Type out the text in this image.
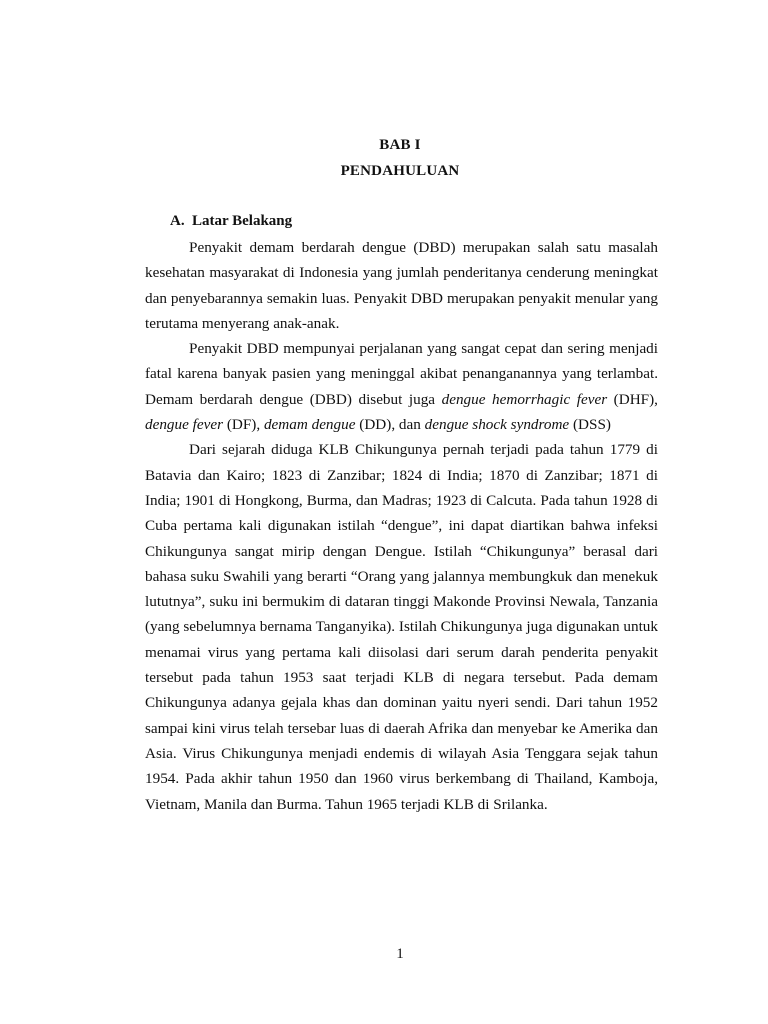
BAB I
PENDAHULUAN
A. Latar Belakang

Penyakit demam berdarah dengue (DBD) merupakan salah satu masalah kesehatan masyarakat di Indonesia yang jumlah penderitanya cenderung meningkat dan penyebarannya semakin luas. Penyakit DBD merupakan penyakit menular yang terutama menyerang anak-anak.

Penyakit DBD mempunyai perjalanan yang sangat cepat dan sering menjadi fatal karena banyak pasien yang meninggal akibat penanganannya yang terlambat. Demam berdarah dengue (DBD) disebut juga dengue hemorrhagic fever (DHF), dengue fever (DF), demam dengue (DD), dan dengue shock syndrome (DSS)

Dari sejarah diduga KLB Chikungunya pernah terjadi pada tahun 1779 di Batavia dan Kairo; 1823 di Zanzibar; 1824 di India; 1870 di Zanzibar; 1871 di India; 1901 di Hongkong, Burma, dan Madras; 1923 di Calcuta. Pada tahun 1928 di Cuba pertama kali digunakan istilah “dengue”, ini dapat diartikan bahwa infeksi Chikungunya sangat mirip dengan Dengue. Istilah “Chikungunya” berasal dari bahasa suku Swahili yang berarti “Orang yang jalannya membungkuk dan menekuk lututnya”, suku ini bermukim di dataran tinggi Makonde Provinsi Newala, Tanzania (yang sebelumnya bernama Tanganyika). Istilah Chikungunya juga digunakan untuk menamai virus yang pertama kali diisolasi dari serum darah penderita penyakit tersebut pada tahun 1953 saat terjadi KLB di negara tersebut. Pada demam Chikungunya adanya gejala khas dan dominan yaitu nyeri sendi. Dari tahun 1952 sampai kini virus telah tersebar luas di daerah Afrika dan menyebar ke Amerika dan Asia. Virus Chikungunya menjadi endemis di wilayah Asia Tenggara sejak tahun 1954. Pada akhir tahun 1950 dan 1960 virus berkembang di Thailand, Kamboja, Vietnam, Manila dan Burma. Tahun 1965 terjadi KLB di Srilanka.

1
